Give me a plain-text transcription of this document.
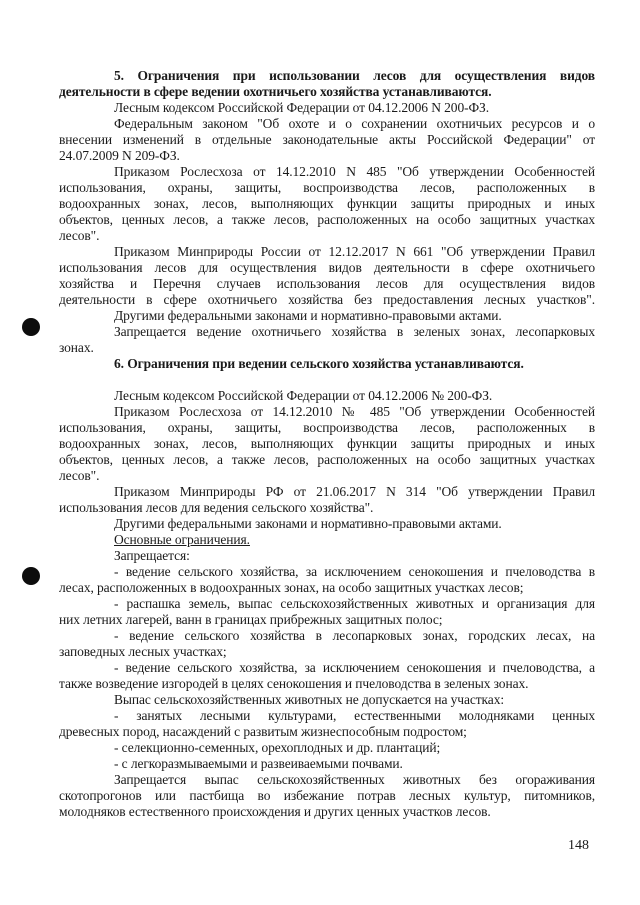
5. Ограничения при использовании лесов для осуществления видов
деятельности в сфере ведении охотничьего хозяйства устанавливаются.
Лесным кодексом Российской Федерации от 04.12.2006 N 200-ФЗ.
Федеральным законом "Об охоте и о сохранении охотничьих ресурсов и о
внесении изменений в отдельные законодательные акты Российской Федерации" от
24.07.2009 N 209-ФЗ.
Приказом Рослесхоза от 14.12.2010 N 485 "Об утверждении Особенностей
использования, охраны, защиты, воспроизводства лесов, расположенных в
водоохранных зонах, лесов, выполняющих функции защиты природных и иных
объектов, ценных лесов, а также лесов, расположенных на особо защитных участках
лесов".
Приказом Минприроды России от 12.12.2017 N 661 "Об утверждении Правил
использования лесов для осуществления видов деятельности в сфере охотничьего
хозяйства и Перечня случаев использования лесов для осуществления видов
деятельности в сфере охотничьего хозяйства без предоставления лесных участков".
Другими федеральными законами и нормативно-правовыми актами.
Запрещается ведение охотничьего хозяйства в зеленых зонах, лесопарковых
зонах.
6. Ограничения при ведении сельского хозяйства устанавливаются.
Лесным кодексом Российской Федерации от 04.12.2006 № 200-ФЗ.
Приказом Рослесхоза от 14.12.2010 № 485 "Об утверждении Особенностей
использования, охраны, защиты, воспроизводства лесов, расположенных в
водоохранных зонах, лесов, выполняющих функции защиты природных и иных
объектов, ценных лесов, а также лесов, расположенных на особо защитных участках
лесов".
Приказом Минприроды РФ от 21.06.2017 N 314 "Об утверждении Правил
использования лесов для ведения сельского хозяйства".
Другими федеральными законами и нормативно-правовыми актами.
Основные ограничения.
Запрещается:
- ведение сельского хозяйства, за исключением сенокошения и пчеловодства в
лесах, расположенных в водоохранных зонах, на особо защитных участках лесов;
- распашка земель, выпас сельскохозяйственных животных и организация для
них летних лагерей, ванн в границах прибрежных защитных полос;
- ведение сельского хозяйства в лесопарковых зонах, городских лесах, на
заповедных лесных участках;
- ведение сельского хозяйства, за исключением сенокошения и пчеловодства, а
также возведение изгородей в целях сенокошения и пчеловодства в зеленых зонах.
Выпас сельскохозяйственных животных не допускается на участках:
- занятых лесными культурами, естественными молодняками ценных
древесных пород, насаждений с развитым жизнеспособным подростом;
- селекционно-семенных, орехоплодных и др. плантаций;
- с легкоразмываемыми и развеиваемыми почвами.
Запрещается выпас сельскохозяйственных животных без огораживания
скотопрогонов или пастбища во избежание потрав лесных культур, питомников,
молодняков естественного происхождения и других ценных участков лесов.
148
